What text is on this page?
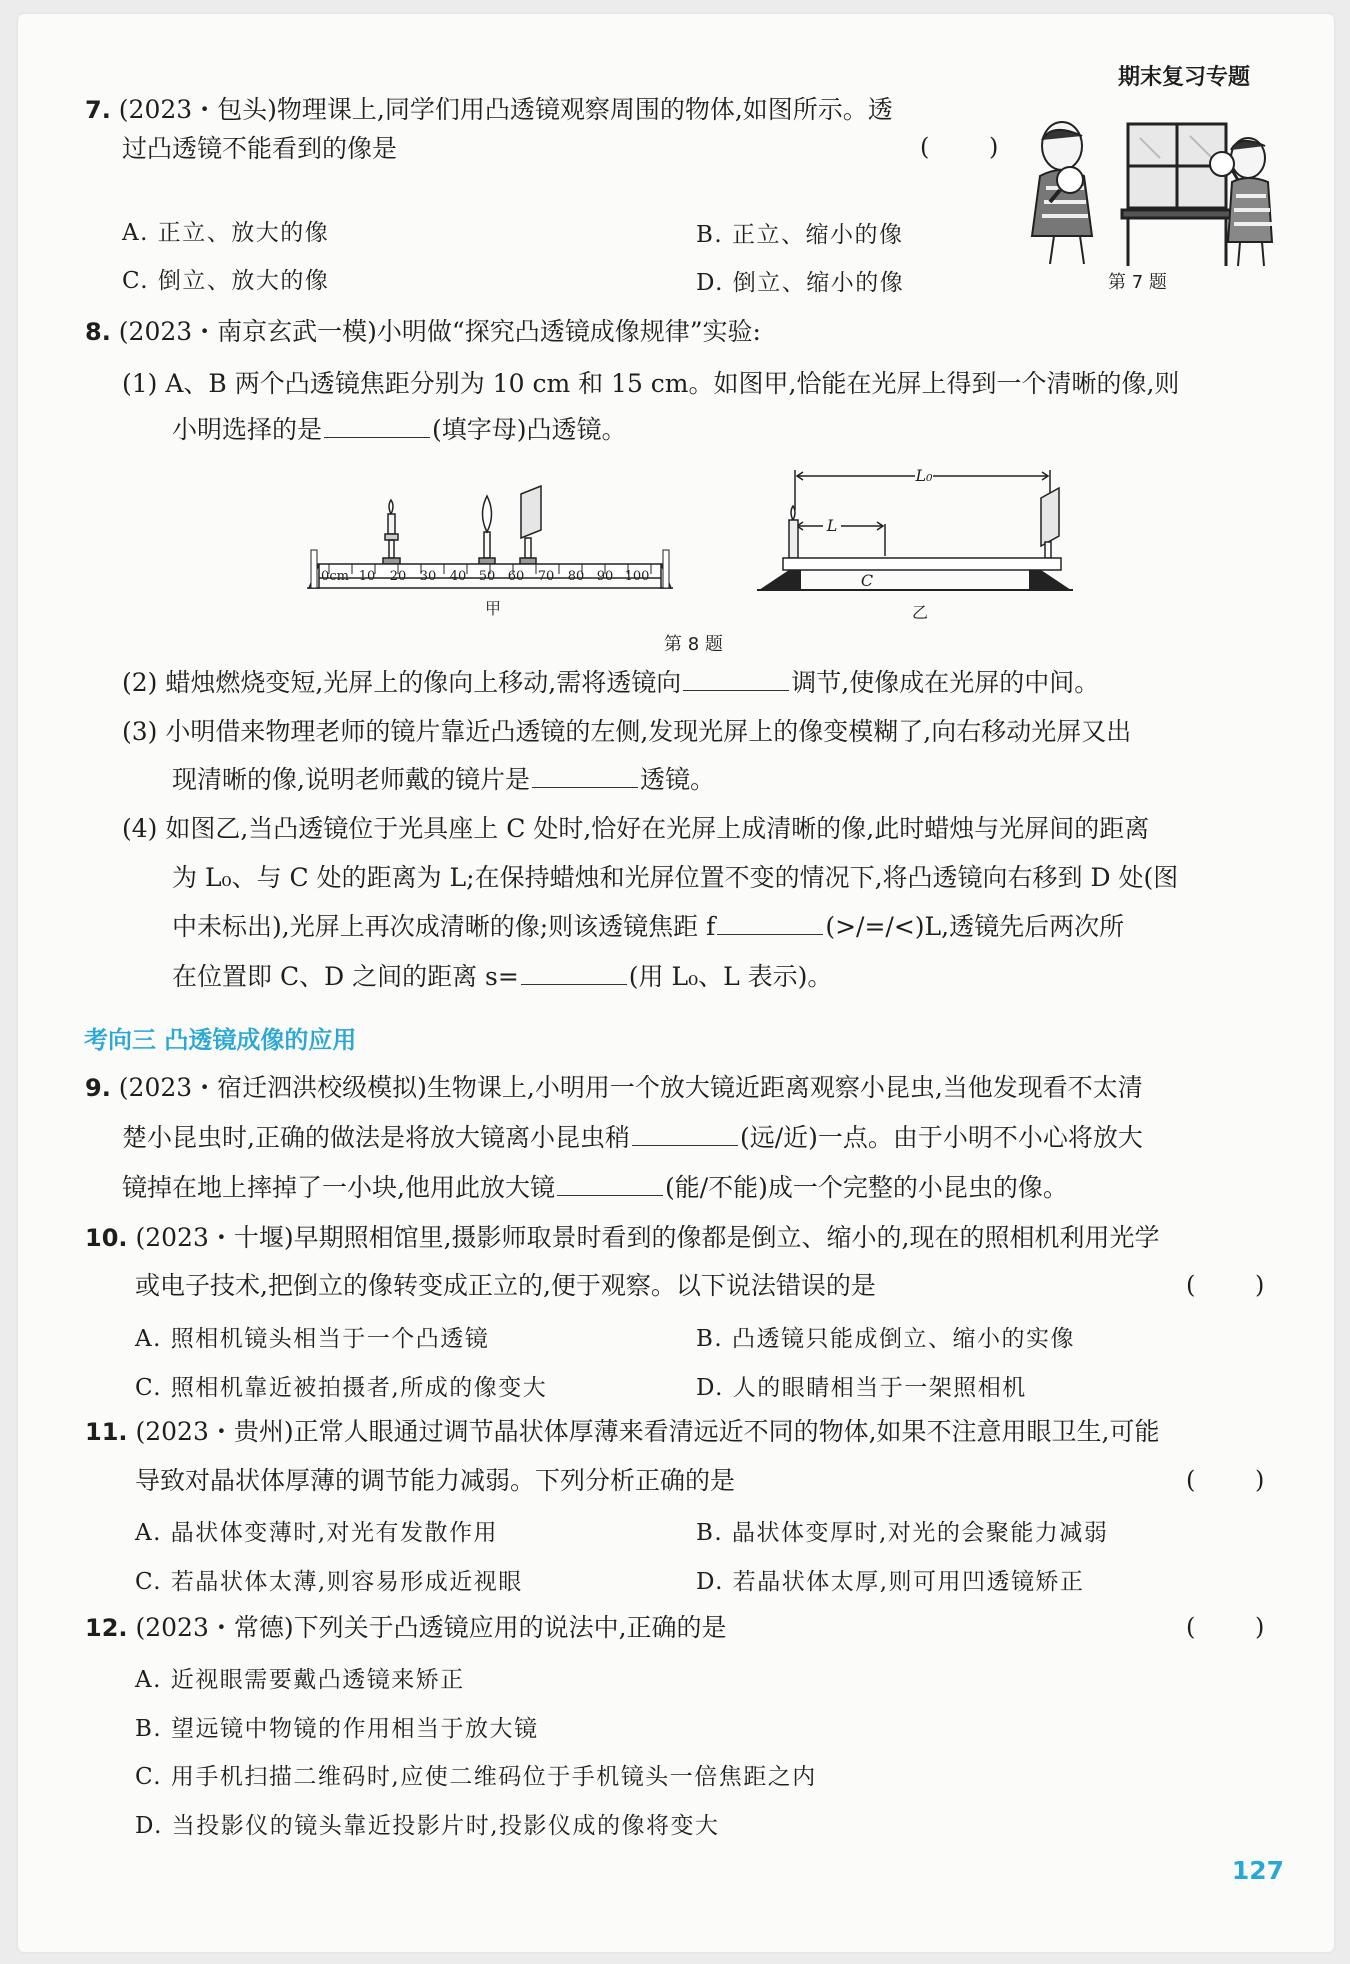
期末复习专题
7. (2023・包头)物理课上,同学们用凸透镜观察周围的物体,如图所示。透
过凸透镜不能看到的像是	( )
A. 正立、放大的像	B. 正立、缩小的像
C. 倒立、放大的像	D. 倒立、缩小的像	第 7 题
8. (2023・南京玄武一模)小明做“探究凸透镜成像规律”实验:
(1) A、B 两个凸透镜焦距分别为 10 cm 和 15 cm。如图甲,恰能在光屏上得到一个清晰的像,则
小明选择的是	(填字母)凸透镜。
0cm 10 20 30 40 50 60 70 80 90 100
甲
L₀
L
C
乙
第 8 题
(2) 蜡烛燃烧变短,光屏上的像向上移动,需将透镜向	调节,使像成在光屏的中间。
(3) 小明借来物理老师的镜片靠近凸透镜的左侧,发现光屏上的像变模糊了,向右移动光屏又出
现清晰的像,说明老师戴的镜片是	透镜。
(4) 如图乙,当凸透镜位于光具座上 C 处时,恰好在光屏上成清晰的像,此时蜡烛与光屏间的距离
为 L₀、与 C 处的距离为 L;在保持蜡烛和光屏位置不变的情况下,将凸透镜向右移到 D 处(图
中未标出),光屏上再次成清晰的像;则该透镜焦距 f	(>/=/<)L,透镜先后两次所
在位置即 C、D 之间的距离 s=	(用 L₀、L 表示)。
考向三 凸透镜成像的应用
9. (2023・宿迁泗洪校级模拟)生物课上,小明用一个放大镜近距离观察小昆虫,当他发现看不太清
楚小昆虫时,正确的做法是将放大镜离小昆虫稍	(远/近)一点。由于小明不小心将放大
镜掉在地上摔掉了一小块,他用此放大镜	(能/不能)成一个完整的小昆虫的像。
10. (2023・十堰)早期照相馆里,摄影师取景时看到的像都是倒立、缩小的,现在的照相机利用光学
或电子技术,把倒立的像转变成正立的,便于观察。以下说法错误的是	( )
A. 照相机镜头相当于一个凸透镜	B. 凸透镜只能成倒立、缩小的实像
C. 照相机靠近被拍摄者,所成的像变大	D. 人的眼睛相当于一架照相机
11. (2023・贵州)正常人眼通过调节晶状体厚薄来看清远近不同的物体,如果不注意用眼卫生,可能
导致对晶状体厚薄的调节能力减弱。下列分析正确的是	( )
A. 晶状体变薄时,对光有发散作用	B. 晶状体变厚时,对光的会聚能力减弱
C. 若晶状体太薄,则容易形成近视眼	D. 若晶状体太厚,则可用凹透镜矫正
12. (2023・常德)下列关于凸透镜应用的说法中,正确的是	( )
A. 近视眼需要戴凸透镜来矫正
B. 望远镜中物镜的作用相当于放大镜
C. 用手机扫描二维码时,应使二维码位于手机镜头一倍焦距之内
D. 当投影仪的镜头靠近投影片时,投影仪成的像将变大
127
